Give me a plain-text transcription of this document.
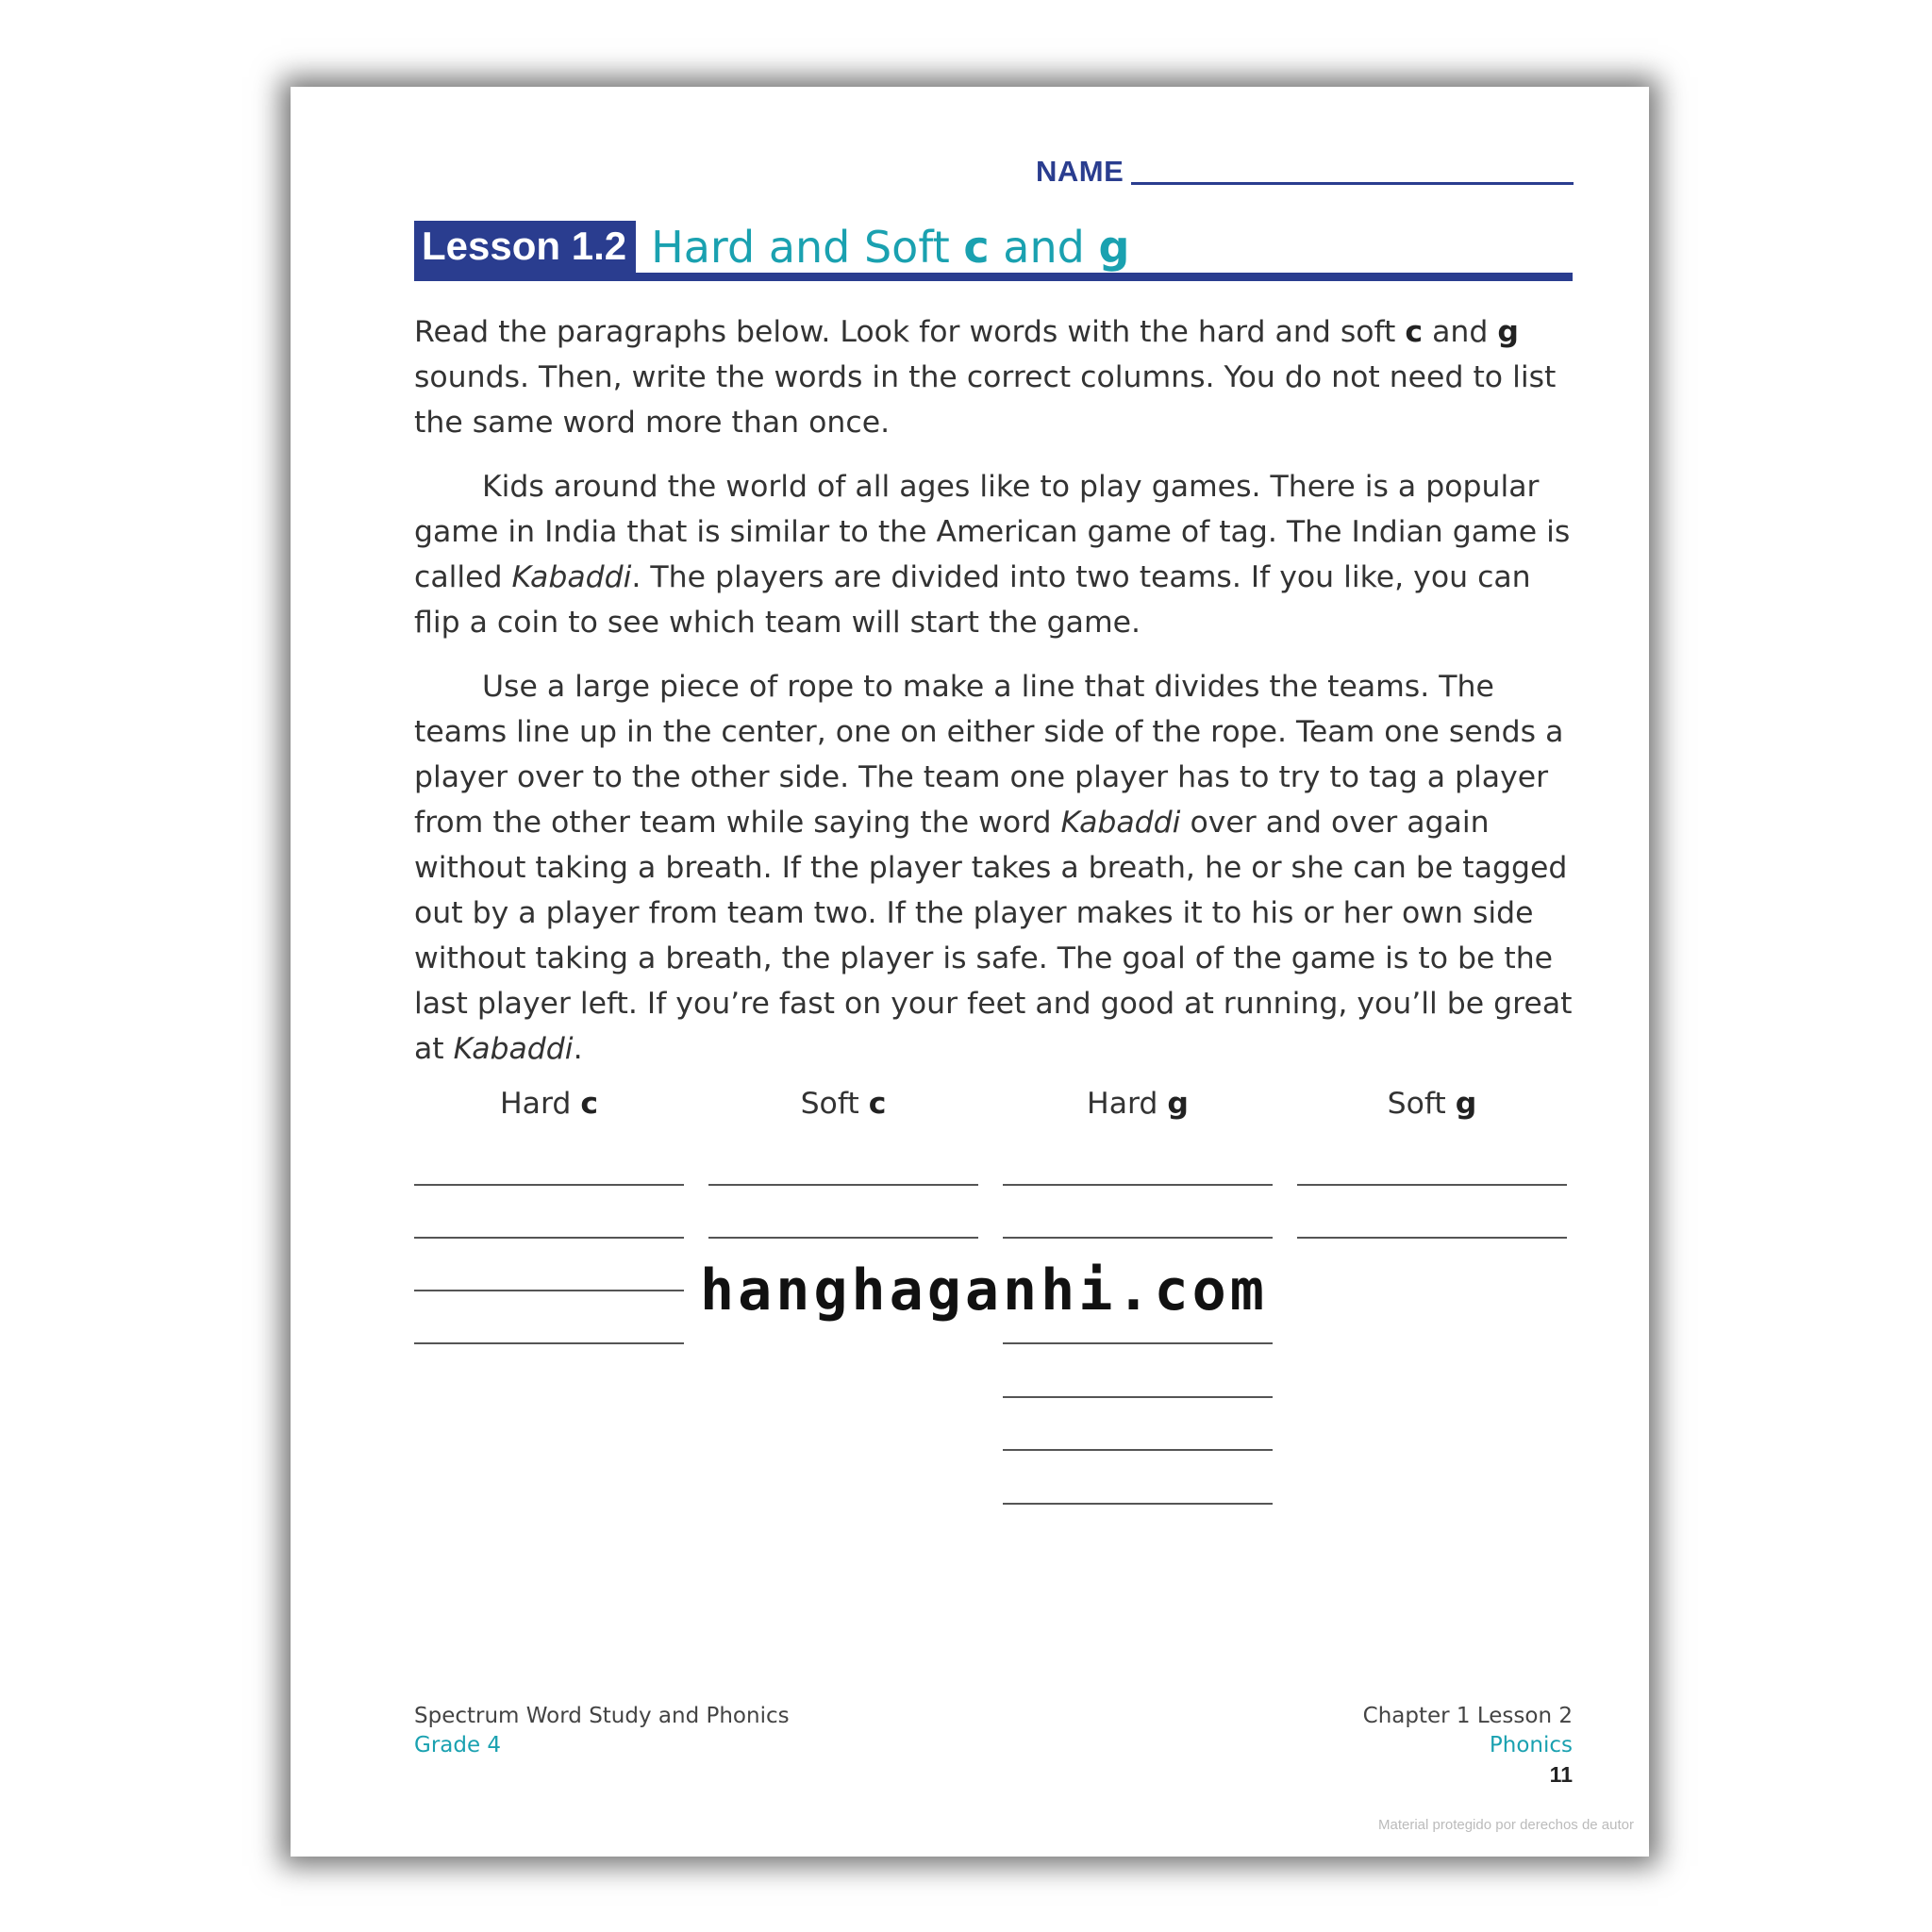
NAME
Lesson 1.2 Hard and Soft c and g
Read the paragraphs below. Look for words with the hard and soft c and g sounds. Then, write the words in the correct columns. You do not need to list the same word more than once.
Kids around the world of all ages like to play games. There is a popular game in India that is similar to the American game of tag. The Indian game is called Kabaddi. The players are divided into two teams. If you like, you can flip a coin to see which team will start the game.
Use a large piece of rope to make a line that divides the teams. The teams line up in the center, one on either side of the rope. Team one sends a player over to the other side. The team one player has to try to tag a player from the other team while saying the word Kabaddi over and over again without taking a breath. If the player takes a breath, he or she can be tagged out by a player from team two. If the player makes it to his or her own side without taking a breath, the player is safe. The goal of the game is to be the last player left. If you’re fast on your feet and good at running, you’ll be great at Kabaddi.
Hard c	Soft c	Hard g	Soft g
hanghaganhi.com
Spectrum Word Study and Phonics
Grade 4
Chapter 1 Lesson 2
Phonics
11
Material protegido por derechos de autor
